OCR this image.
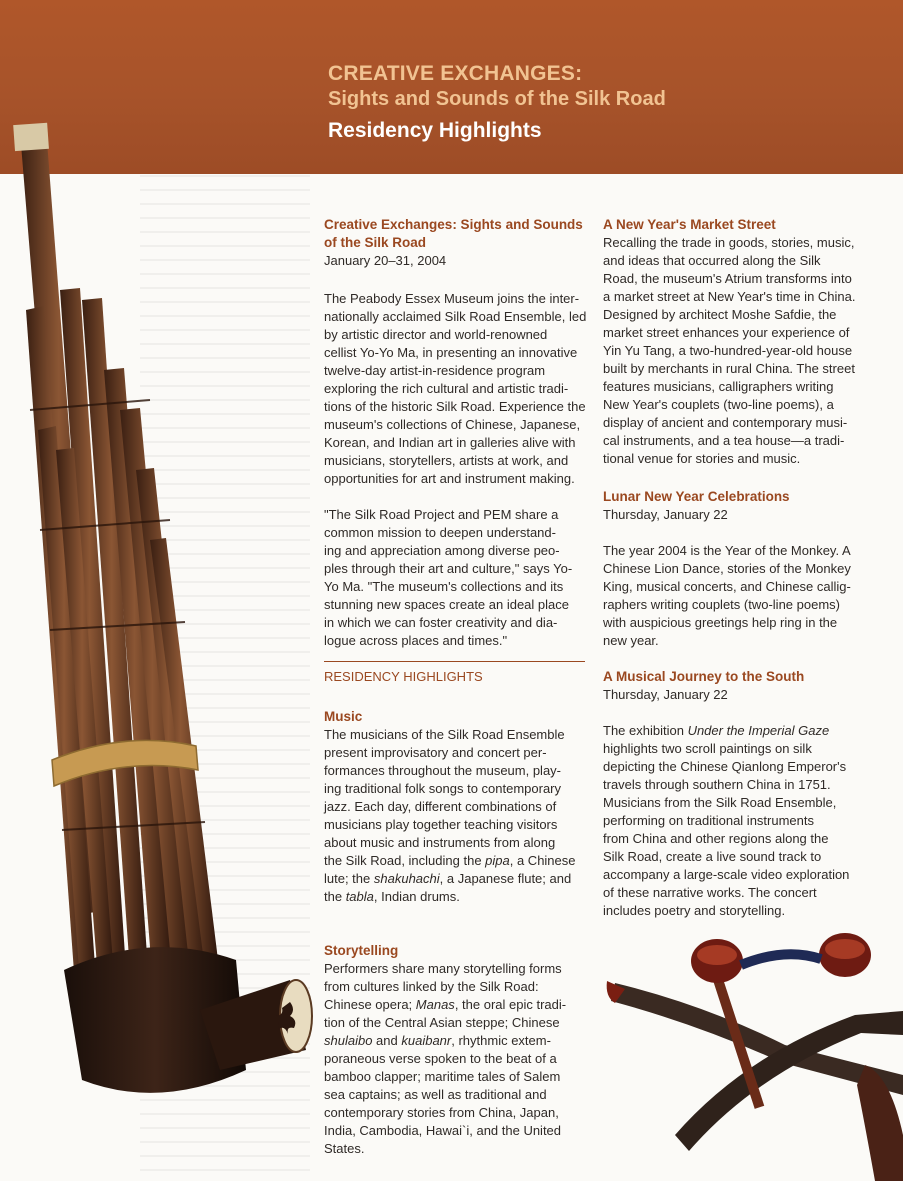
CREATIVE EXCHANGES:
Sights and Sounds of the Silk Road
Residency Highlights
Creative Exchanges: Sights and Sounds
of the Silk Road
January 20–31, 2004
The Peabody Essex Museum joins the inter-
nationally acclaimed Silk Road Ensemble, led
by artistic director and world-renowned
cellist Yo-Yo Ma, in presenting an innovative
twelve-day artist-in-residence program
exploring the rich cultural and artistic tradi-
tions of the historic Silk Road. Experience the
museum's collections of Chinese, Japanese,
Korean, and Indian art in galleries alive with
musicians, storytellers, artists at work, and
opportunities for art and instrument making.
"The Silk Road Project and PEM share a
common mission to deepen understand-
ing and appreciation among diverse peo-
ples through their art and culture," says Yo-
Yo Ma. "The museum's collections and its
stunning new spaces create an ideal place
in which we can foster creativity and dia-
logue across places and times."
RESIDENCY HIGHLIGHTS
Music
The musicians of the Silk Road Ensemble
present improvisatory and concert per-
formances throughout the museum, play-
ing traditional folk songs to contemporary
jazz. Each day, different combinations of
musicians play together teaching visitors
about music and instruments from along
the Silk Road, including the pipa, a Chinese
lute; the shakuhachi, a Japanese flute; and
the tabla, Indian drums.
Storytelling
Performers share many storytelling forms
from cultures linked by the Silk Road:
Chinese opera; Manas, the oral epic tradi-
tion of the Central Asian steppe; Chinese
shulaibo and kuaibanr, rhythmic extem-
poraneous verse spoken to the beat of a
bamboo clapper; maritime tales of Salem
sea captains; as well as traditional and
contemporary stories from China, Japan,
India, Cambodia, Hawai`i, and the United
States.
A New Year's Market Street
Recalling the trade in goods, stories, music,
and ideas that occurred along the Silk
Road, the museum's Atrium transforms into
a market street at New Year's time in China.
Designed by architect Moshe Safdie, the
market street enhances your experience of
Yin Yu Tang, a two-hundred-year-old house
built by merchants in rural China. The street
features musicians, calligraphers writing
New Year's couplets (two-line poems), a
display of ancient and contemporary musi-
cal instruments, and a tea house—a tradi-
tional venue for stories and music.
Lunar New Year Celebrations
Thursday, January 22
The year 2004 is the Year of the Monkey. A
Chinese Lion Dance, stories of the Monkey
King, musical concerts, and Chinese callig-
raphers writing couplets (two-line poems)
with auspicious greetings help ring in the
new year.
A Musical Journey to the South
Thursday, January 22
The exhibition Under the Imperial Gaze
highlights two scroll paintings on silk
depicting the Chinese Qianlong Emperor's
travels through southern China in 1751.
Musicians from the Silk Road Ensemble,
performing on traditional instruments
from China and other regions along the
Silk Road, create a live sound track to
accompany a large-scale video exploration
of these narrative works. The concert
includes poetry and storytelling.
